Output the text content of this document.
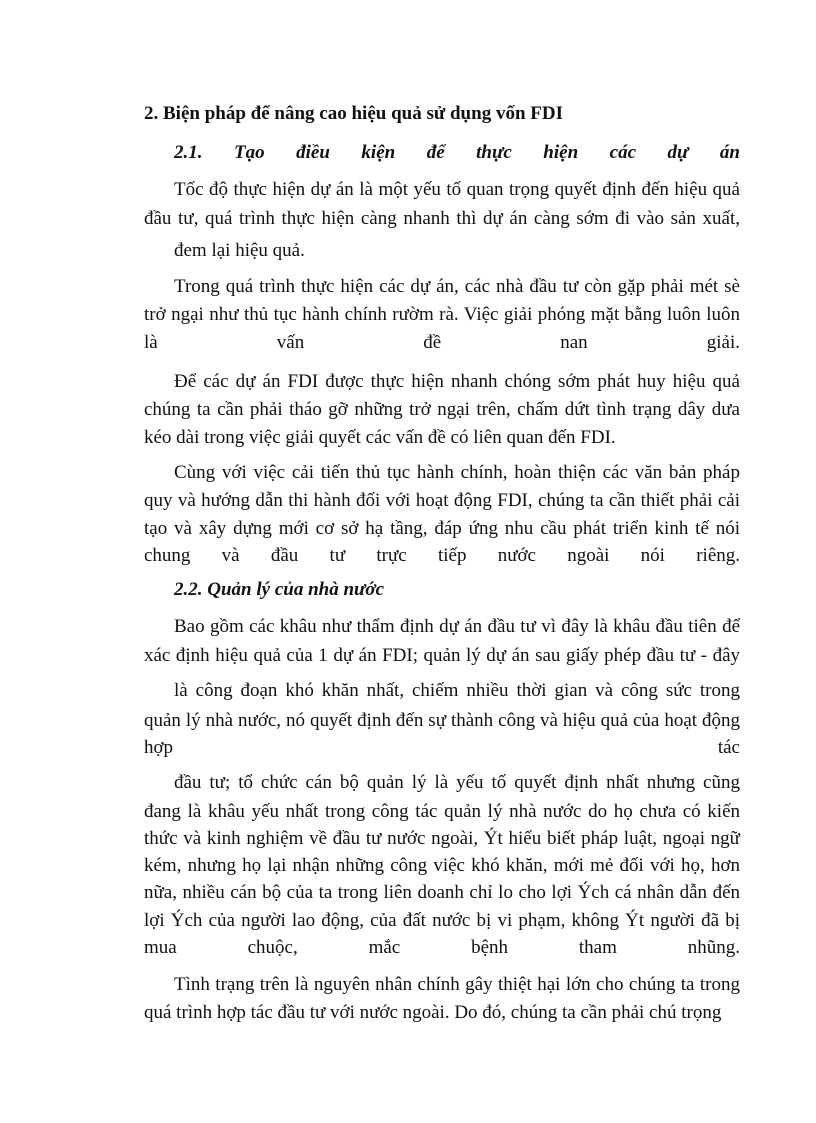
2. Biện pháp để nâng cao hiệu quả sử dụng vốn FDI

2.1. Tạo điều kiện để thực hiện các dự án

Tốc độ thực hiện dự án là một yếu tố quan trọng quyết định đến hiệu quả

đầu tư, quá trình thực hiện càng nhanh thì dự án càng sớm đi vào sản xuất,

đem lại hiệu quả.

Trong quá trình thực hiện các dự án, các nhà đầu tư còn gặp phải mét sè

trở ngại như thủ tục hành chính rườm rà. Việc giải phóng mặt bằng luôn luôn

là vấn đề nan giải.

Để các dự án FDI được thực hiện nhanh chóng sớm phát huy hiệu quả

chúng ta cần phải tháo gỡ những trở ngại trên, chấm dứt tình trạng dây dưa

kéo dài trong việc giải quyết các vấn đề có liên quan đến FDI.

Cùng với việc cải tiến thủ tục hành chính, hoàn thiện các văn bản pháp

quy và hướng dẫn thi hành đối với hoạt động FDI, chúng ta cần thiết phải cải

tạo và xây dựng mới cơ sở hạ tầng, đáp ứng nhu cầu phát triển kinh tế nói

chung và đầu tư trực tiếp nước ngoài nói riêng.

2.2. Quản lý của nhà nước

Bao gồm các khâu như thẩm định dự án đầu tư vì đây là khâu đầu tiên để

xác định hiệu quả của 1 dự án FDI; quản lý dự án sau giấy phép đầu tư - đây

là công đoạn khó khăn nhất, chiếm nhiều thời gian và công sức trong

quản lý nhà nước, nó quyết định đến sự thành công và hiệu quả của hoạt động

hợp tác

đầu tư; tổ chức cán bộ quản lý là yếu tố quyết định nhất nhưng cũng

đang là khâu yếu nhất trong công tác quản lý nhà nước do họ chưa có kiến

thức và kinh nghiệm về đầu tư nước ngoài, Ýt hiểu biết pháp luật, ngoại ngữ

kém, nhưng họ lại nhận những công việc khó khăn, mới mẻ đối với họ, hơn

nữa, nhiều cán bộ của ta trong liên doanh chỉ lo cho lợi Ých cá nhân dẫn đến

lợi Ých của người lao động, của đất nước bị vi phạm, không Ýt người đã bị

mua chuộc, mắc bệnh tham nhũng.

Tình trạng trên là nguyên nhân chính gây thiệt hại lớn cho chúng ta trong

quá trình hợp tác đầu tư với nước ngoài. Do đó, chúng ta cần phải chú trọng
